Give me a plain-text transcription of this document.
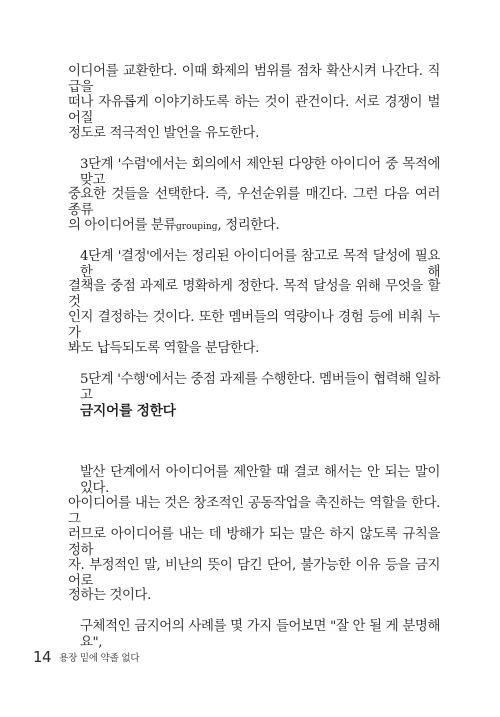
이디어를 교환한다. 이때 화제의 범위를 점차 확산시켜 나간다. 직급을
떠나 자유롭게 이야기하도록 하는 것이 관건이다. 서로 경쟁이 벌어질
정도로 적극적인 발언을 유도한다.
3단계 '수렴'에서는 회의에서 제안된 다양한 아이디어 중 목적에 맞고
중요한 것들을 선택한다. 즉, 우선순위를 매긴다. 그런 다음 여러 종류
의 아이디어를 분류grouping, 정리한다.
4단계 '결정'에서는 정리된 아이디어를 참고로 목적 달성에 필요한 해
결책을 중점 과제로 명확하게 정한다. 목적 달성을 위해 무엇을 할 것
인지 결정하는 것이다. 또한 멤버들의 역량이나 경험 등에 비춰 누가
봐도 납득되도록 역할을 분담한다.
5단계 '수행'에서는 중점 과제를 수행한다. 멤버들이 협력해 일하고
금지어를 정한다
발산 단계에서 아이디어를 제안할 때 결코 해서는 안 되는 말이 있다.
아이디어를 내는 것은 창조적인 공동작업을 촉진하는 역할을 한다. 그
러므로 아이디어를 내는 데 방해가 되는 말은 하지 않도록 규칙을 정하
자. 부정적인 말, 비난의 뜻이 담긴 단어, 불가능한 이유 등을 금지어로
정하는 것이다.
구체적인 금지어의 사례를 몇 가지 들어보면 "잘 안 될 게 분명해요",
14 용장 밑에 약졸 없다
